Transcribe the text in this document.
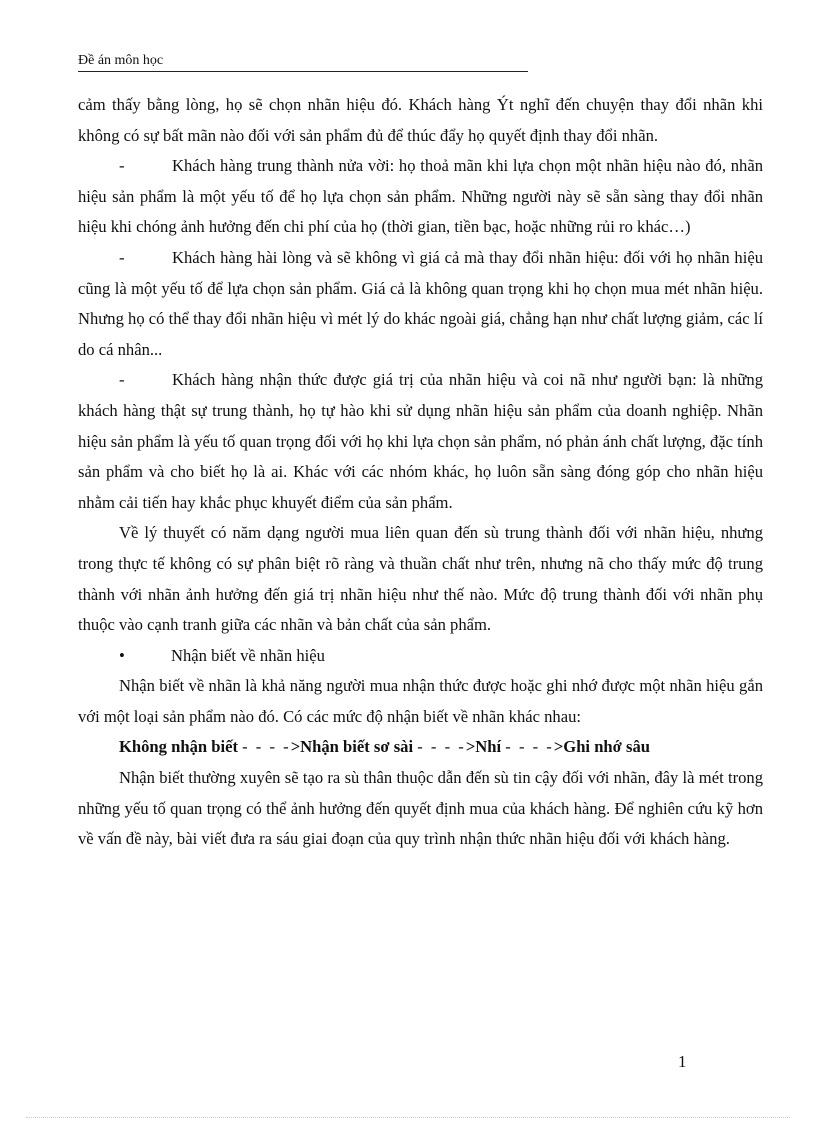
Đề án môn học

cảm thấy bằng lòng, họ sẽ chọn nhãn hiệu đó. Khách hàng Ýt nghĩ đến chuyện thay đổi nhãn khi không có sự bất mãn nào đối với sản phẩm đủ để thúc đẩy họ quyết định thay đổi nhãn.

-	Khách hàng trung thành nửa vời: họ thoả mãn khi lựa chọn một nhãn hiệu nào đó, nhãn hiệu sản phẩm là một yếu tố để họ lựa chọn sản phẩm. Những người này sẽ sẵn sàng thay đổi nhãn hiệu khi chóng ảnh hưởng đến chi phí của họ (thời gian, tiền bạc, hoặc những rủi ro khác…)

-	Khách hàng hài lòng và sẽ không vì giá cả mà thay đổi nhãn hiệu: đối với họ nhãn hiệu cũng là một yếu tố để lựa chọn sản phẩm. Giá cả là không quan trọng khi họ chọn mua mét nhãn hiệu. Nhưng họ có thể thay đổi nhãn hiệu vì mét lý do khác ngoài giá, chẳng hạn như chất lượng giảm, các lí do cá nhân...

-	Khách hàng nhận thức được giá trị của nhãn hiệu và coi nã như người bạn: là những khách hàng thật sự trung thành, họ tự hào khi sử dụng nhãn hiệu sản phẩm của doanh nghiệp. Nhãn hiệu sản phẩm là yếu tố quan trọng đối với họ khi lựa chọn sản phẩm, nó phản ánh chất lượng, đặc tính sản phẩm và cho biết họ là ai. Khác với các nhóm khác, họ luôn sẵn sàng đóng góp cho nhãn hiệu nhằm cải tiến hay khắc phục khuyết điểm của sản phẩm.

Về lý thuyết có năm dạng người mua liên quan đến sù trung thành đối với nhãn hiệu, nhưng trong thực tế không có sự phân biệt rõ ràng và thuần chất như trên, nhưng nã cho thấy mức độ trung thành với nhãn ảnh hưởng đến giá trị nhãn hiệu như thế nào. Mức độ trung thành đối với nhãn phụ thuộc vào cạnh tranh giữa các nhãn và bản chất của sản phẩm.

•	Nhận biết về nhãn hiệu

Nhận biết về nhãn là khả năng người mua nhận thức được hoặc ghi nhớ được một nhãn hiệu gắn với một loại sản phẩm nào đó. Có các mức độ nhận biết về nhãn khác nhau:

Không nhận biết - - - ->Nhận biết sơ sài - - - ->Nhí - - - ->Ghi nhớ sâu

Nhận biết thường xuyên sẽ tạo ra sù thân thuộc dẫn đến sù tin cậy đối với nhãn, đây là mét trong những yếu tố quan trọng có thể ảnh hưởng đến quyết định mua của khách hàng. Để nghiên cứu kỹ hơn về vấn đề này, bài viết đưa ra sáu giai đoạn của quy trình nhận thức nhãn hiệu đối với khách hàng.

1
